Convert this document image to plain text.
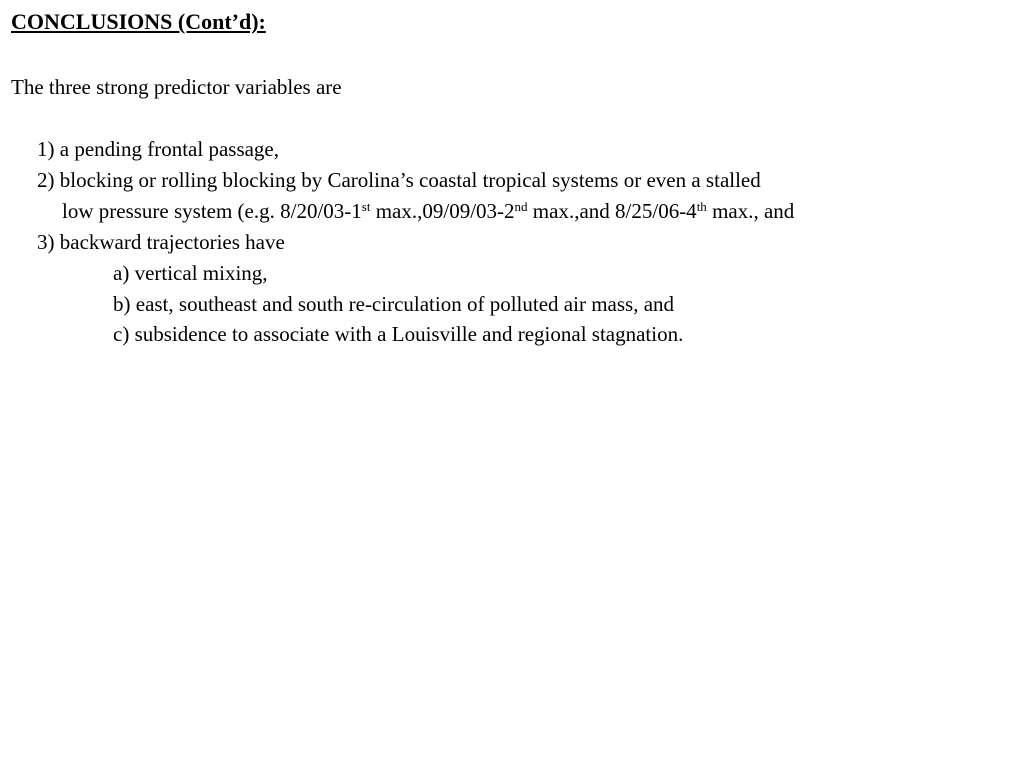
CONCLUSIONS (Cont’d):
The three strong predictor variables are
1) a pending frontal passage,
2) blocking or rolling blocking by Carolina’s coastal tropical systems or even a stalled
low pressure system (e.g. 8/20/03-1st max.,09/09/03-2nd max.,and 8/25/06-4th max., and
3) backward trajectories have
a) vertical mixing,
b) east, southeast and south re-circulation of polluted air mass, and
c) subsidence to associate with a Louisville and regional stagnation.
